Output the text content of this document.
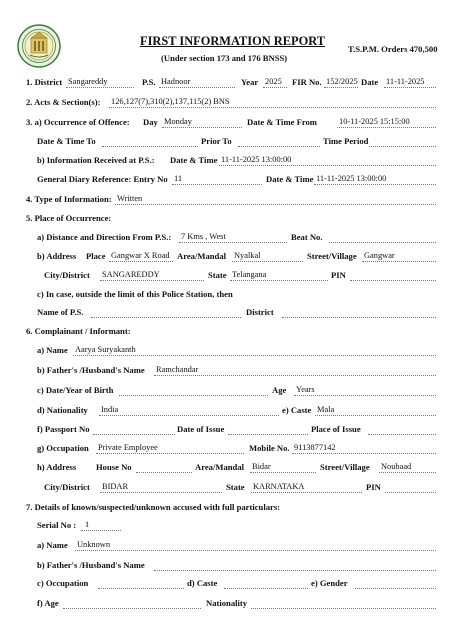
FIRST INFORMATION REPORT
(Under section 173 and 176 BNSS)
T.S.P.M. Orders 470,500
1. District Sangareddy	P.S. Hadnoor	Year 2025 FIR No. 152/2025 Date 11-11-2025
2. Acts & Section(s): 126,127(7),310(2),137,115(2) BNS
3. a) Occurrence of Offence: Day Monday	Date & Time From	10-11-2025 15:15:00
Date & Time To	Prior To	Time Period
b) Information Received at P.S.: Date & Time 11-11-2025 13:00:00
General Diary Reference: Entry No 11	Date & Time 11-11-2025 13:00:00
4. Type of Information: Written
5. Place of Occurrence:
a) Distance and Direction From P.S.: 7 Kms , West	Beat No.
b) Address Place Gangwar X Road Area/Mandal Nyalkal	Street/Village Gangwar
City/District SANGAREDDY	State Telangana	PIN
c) In case, outside the limit of this Police Station, then
Name of P.S.	District
6. Complainant / Informant:
a) Name Aarya Suryakanth
b) Father's /Husband's Name Ramchandar
c) Date/Year of Birth	Age Years
d) Nationality India	e) Caste Mala
f) Passport No	Date of Issue	Place of Issue
g) Occupation Private Employee	Mobile No. 9113877142
h) Address House No	Area/Mandal Bidar	Street/Village Noubaad
City/District BIDAR	State KARNATAKA	PIN
7. Details of known/suspected/unknown accused with full particulars:
Serial No : 1
a) Name Unknown
b) Father's /Husband's Name
c) Occupation	d) Caste	e) Gender
f) Age	Nationality
